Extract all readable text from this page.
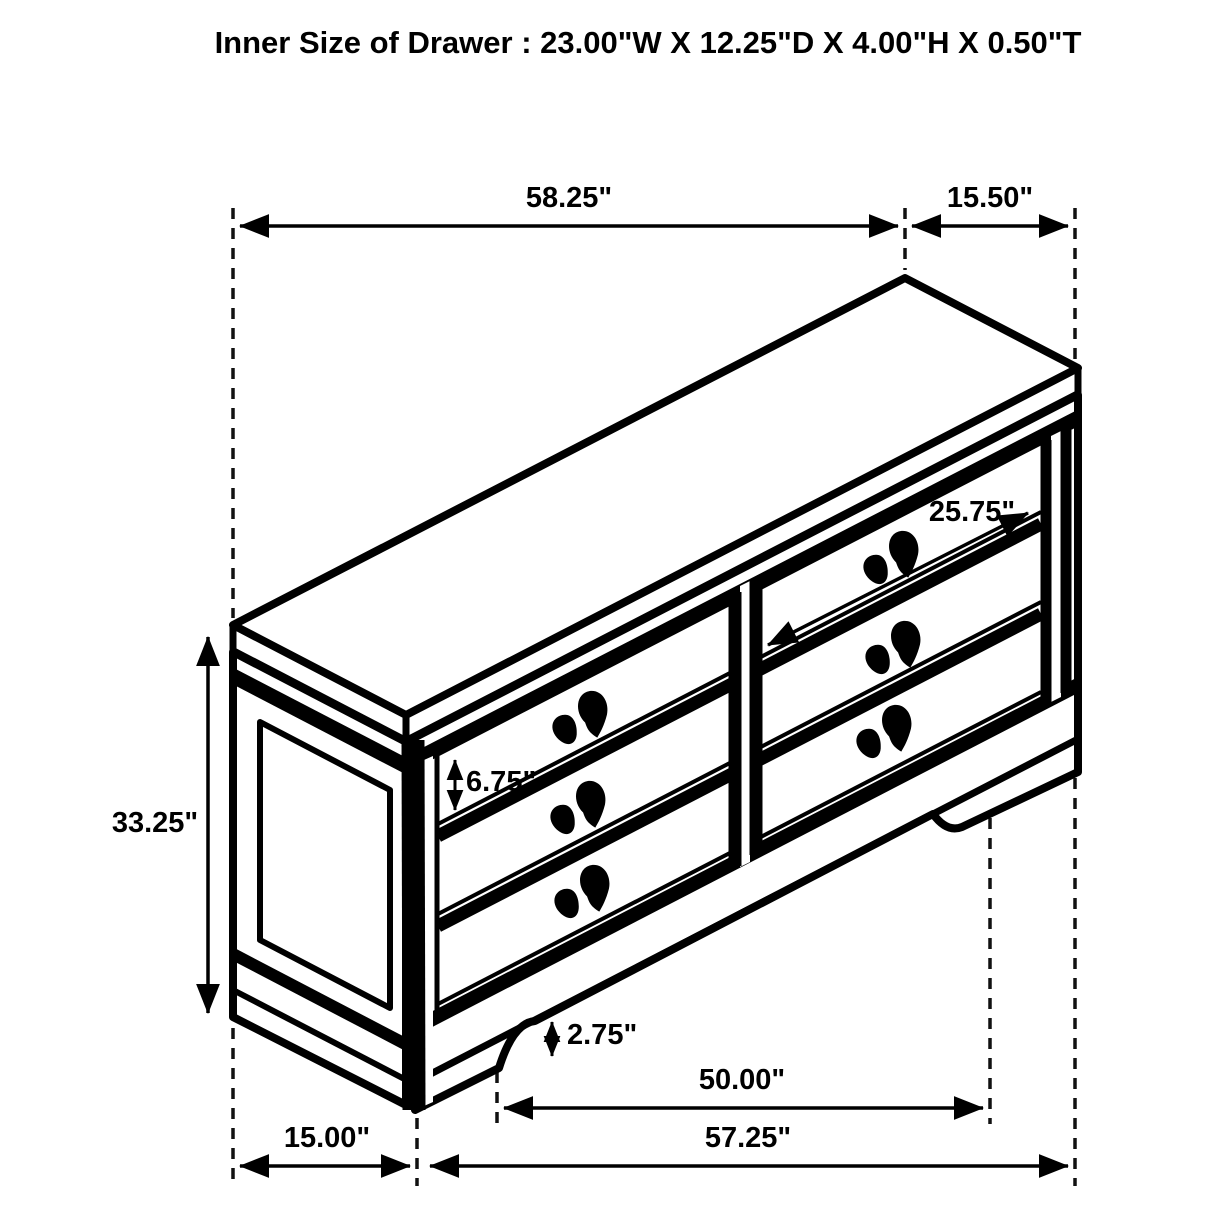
58.25"	15.50"
33.25"
25.75"
6.75"
2.75"
50.00"
15.00"	57.25"
Inner Size of Drawer : 23.00"W X 12.25"D X 4.00"H X 0.50"T
